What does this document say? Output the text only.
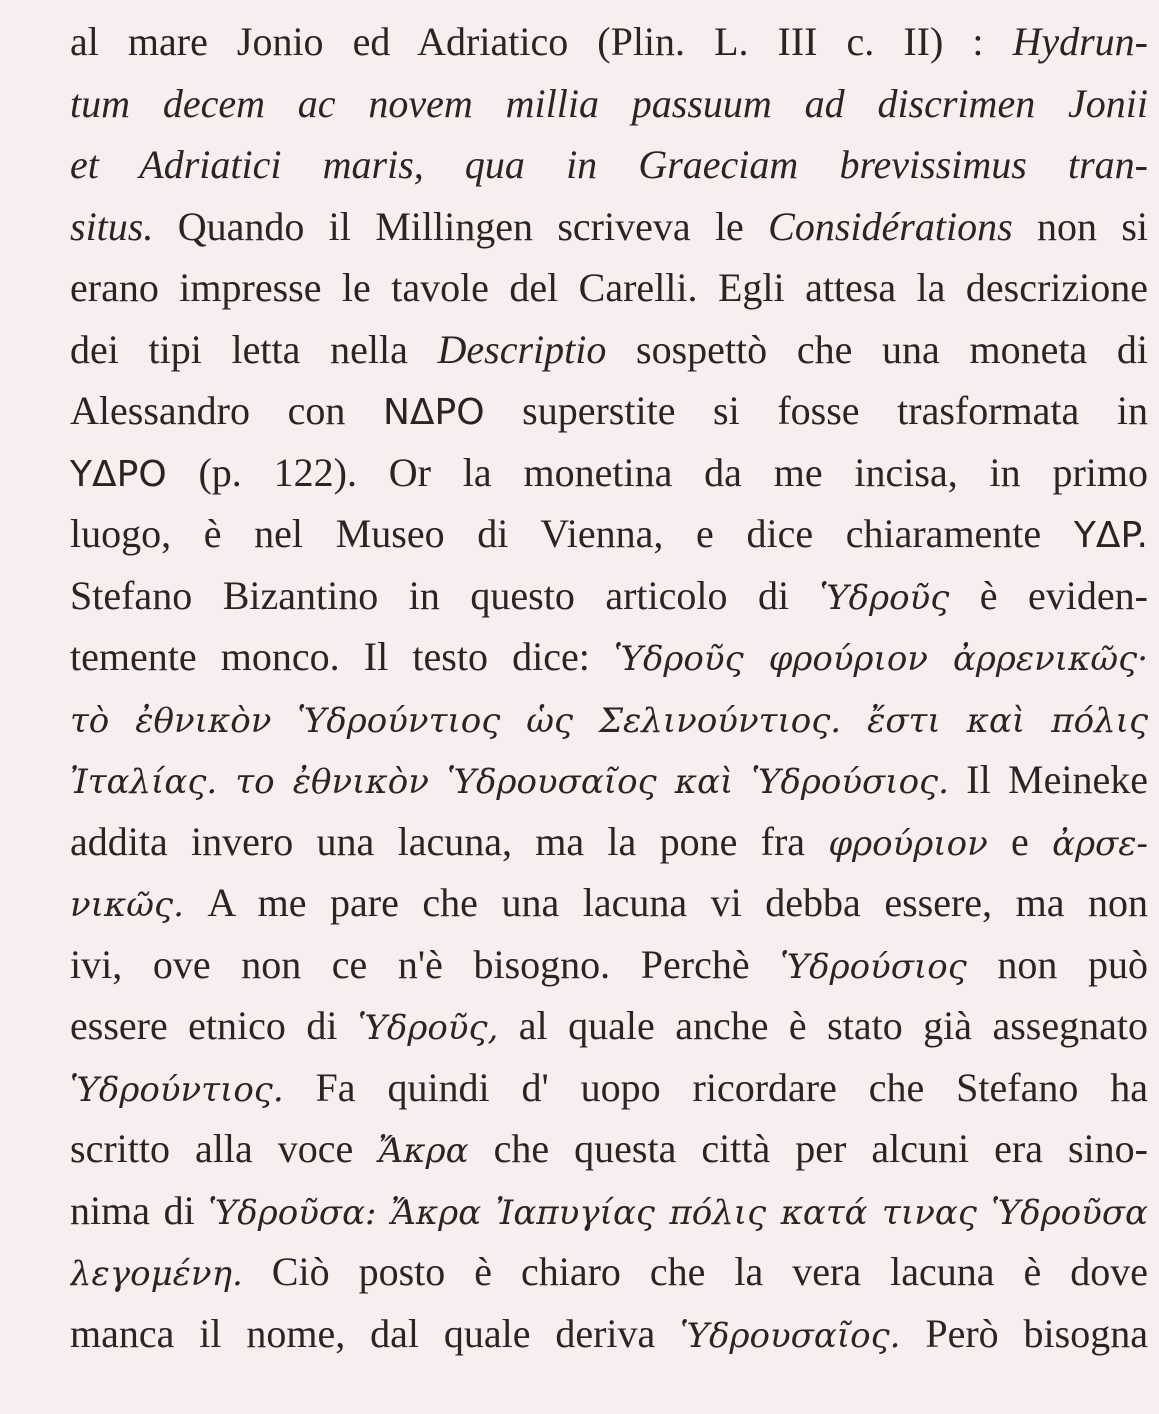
al mare Jonio ed Adriatico (Plin. L. III c. II) : Hydrun-
tum decem ac novem millia passuum ad discrimen Jonii
et Adriatici maris, qua in Graeciam brevissimus tran-
situs. Quando il Millingen scriveva le Considérations non si
erano impresse le tavole del Carelli. Egli attesa la descrizione
dei tipi letta nella Descriptio sospettò che una moneta di
Alessandro con NΔPO superstite si fosse trasformata in
YΔPO (p. 122). Or la monetina da me incisa, in primo
luogo, è nel Museo di Vienna, e dice chiaramente YΔP.
Stefano Bizantino in questo articolo di Ὑδροῦς è eviden-
temente monco. Il testo dice: Ὑδροῦς φρούριον ἀρρενικῶς·
τὸ ἐθνικὸν Ὑδρούντιος ὡς Σελινούντιος. ἔστι καὶ πόλις
Ἰταλίας. το ἐθνικὸν Ὑδρουσαῖος καὶ Ὑδρούσιος. Il Meineke
addita invero una lacuna, ma la pone fra φρούριον e ἀρσε-
νικῶς. A me pare che una lacuna vi debba essere, ma non
ivi, ove non ce n'è bisogno. Perchè Ὑδρούσιος non può
essere etnico di Ὑδροῦς, al quale anche è stato già assegnato
Ὑδρούντιος. Fa quindi d' uopo ricordare che Stefano ha
scritto alla voce Ἄκρα che questa città per alcuni era sino-
nima di Ὑδροῦσα: Ἄκρα Ἰαπυγίας πόλις κατά τινας Ὑδροῦσα
λεγομένη. Ciò posto è chiaro che la vera lacuna è dove
manca il nome, dal quale deriva Ὑδρουσαῖος. Però bisogna
